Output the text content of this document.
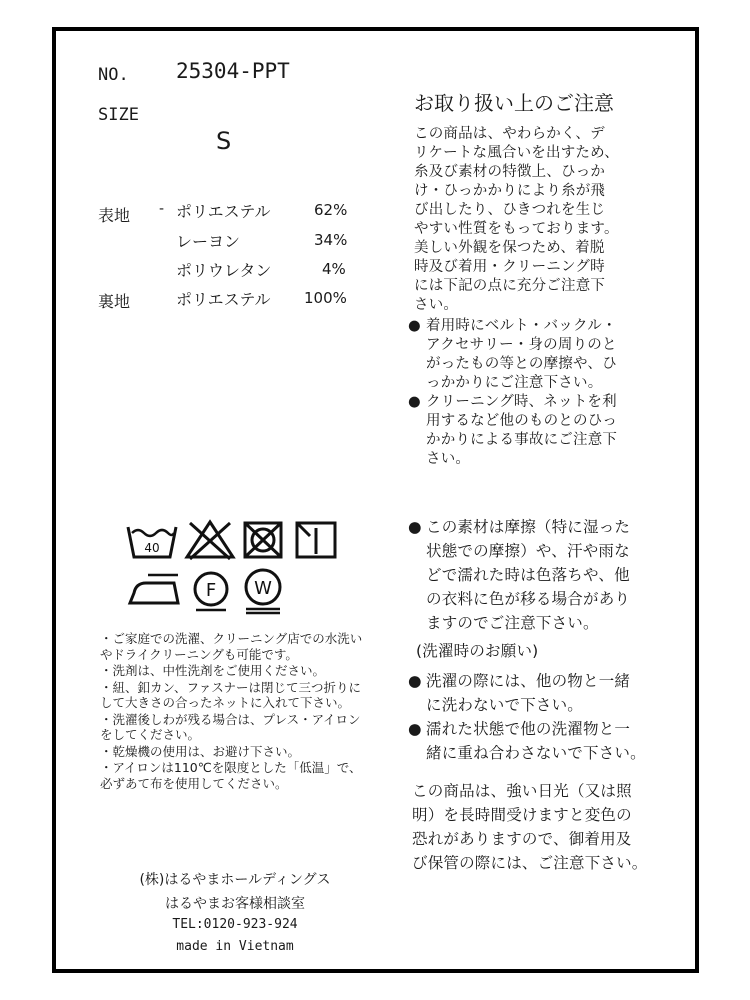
NO. 25304-PPT
SIZE
S
表地 - ポリエステル	62%
レーヨン	34%
ポリウレタン	4%
裏地	ポリエステル 100%
40
F W
・ご家庭での洗濯、クリーニング店での水洗いやドライクリーニングも可能です。
・洗剤は、中性洗剤をご使用ください。
・紐、釦カン、ファスナーは閉じて三つ折りにして大きさの合ったネットに入れて下さい。
・洗濯後しわが残る場合は、プレス・アイロンをしてください。
・乾燥機の使用は、お避け下さい。
・アイロンは110℃を限度とした「低温」で、必ずあて布を使用してください。
(株)はるやまホールディングス
はるやまお客様相談室
TEL:0120-923-924
made in Vietnam
お取り扱い上のご注意
この商品は、やわらかく、デ
リケートな風合いを出すため、
糸及び素材の特徴上、ひっか
け・ひっかかりにより糸が飛
び出したり、ひきつれを生じ
やすい性質をもっております。
美しい外観を保つため、着脱
時及び着用・クリーニング時
には下記の点に充分ご注意下
さい。
● 着用時にベルト・バックル・
アクセサリー・身の周りのと
がったもの等との摩擦や、ひ
っかかりにご注意下さい。
● クリーニング時、ネットを利
用するなど他のものとのひっ
かかりによる事故にご注意下
さい。
● この素材は摩擦（特に湿った
状態での摩擦）や、汗や雨な
どで濡れた時は色落ちや、他
の衣料に色が移る場合があり
ますのでご注意下さい。
(洗濯時のお願い)
● 洗濯の際には、他の物と一緒
に洗わないで下さい。
● 濡れた状態で他の洗濯物と一
緒に重ね合わさないで下さい。
この商品は、強い日光（又は照
明）を長時間受けますと変色の
恐れがありますので、御着用及
び保管の際には、ご注意下さい。
